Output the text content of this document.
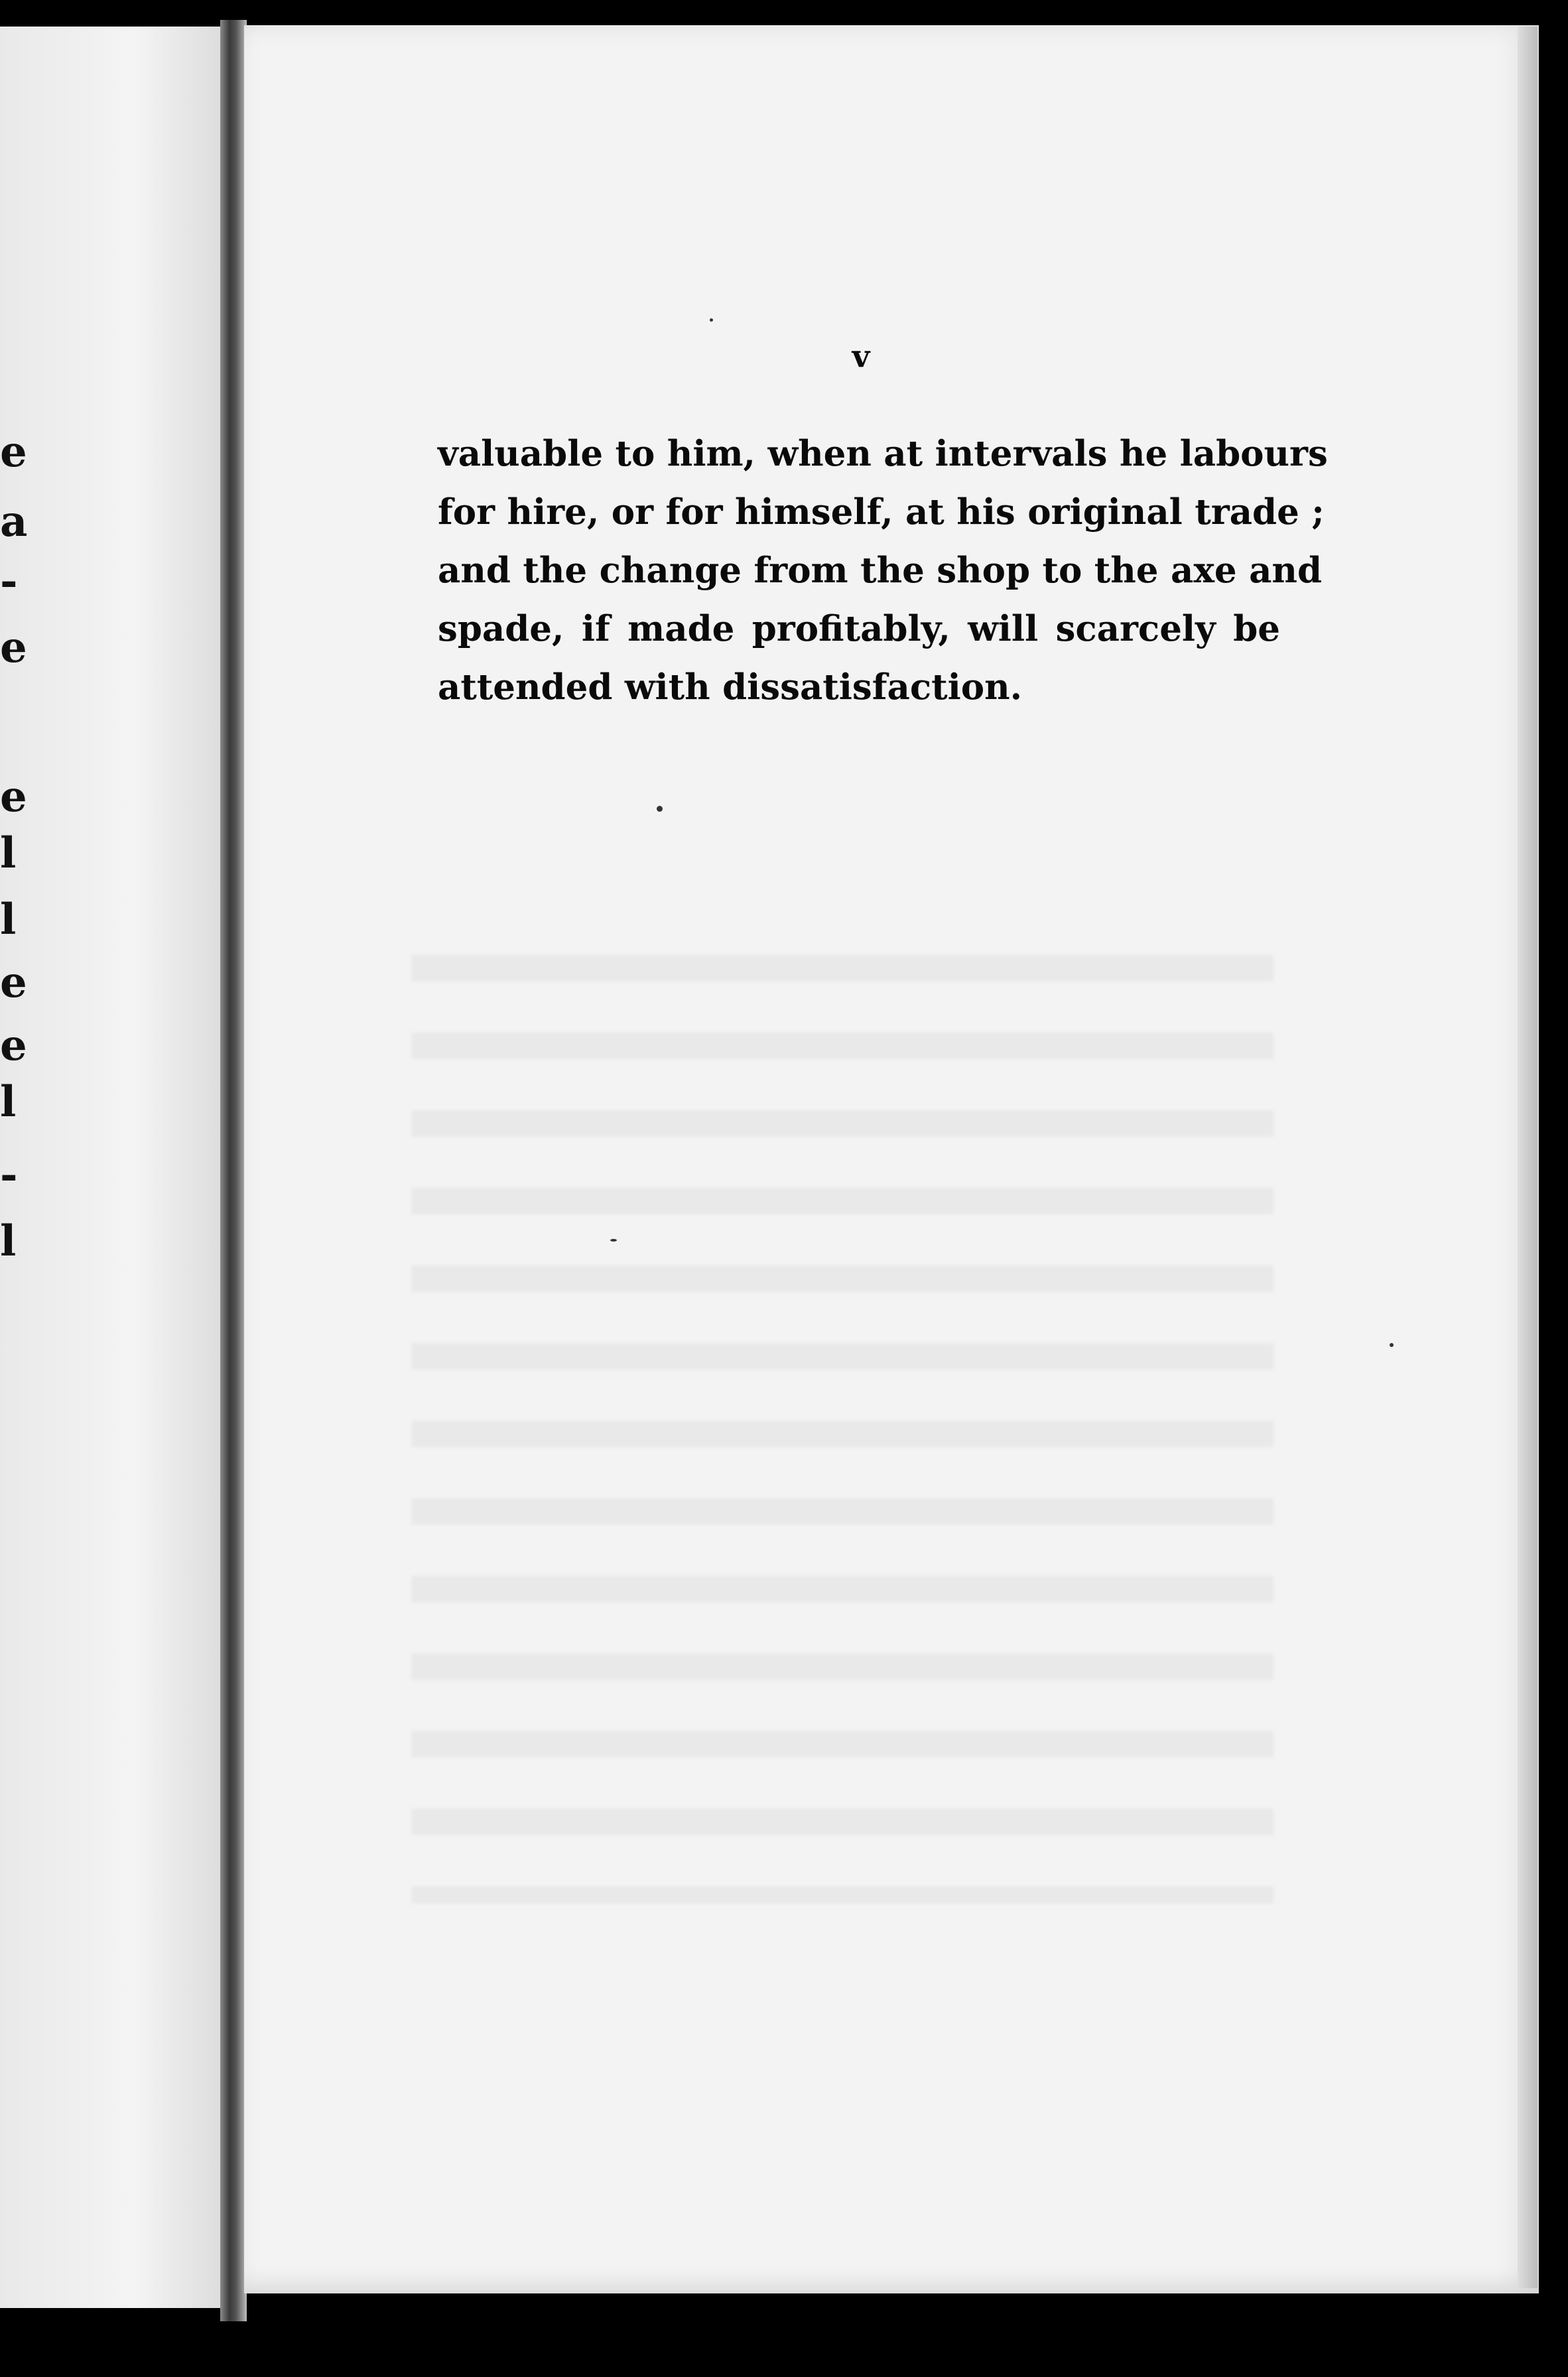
e
a
-
e
e
l
l
e
e
l
-
l

v

valuable to him, when at intervals he labours
for hire, or for himself, at his original trade ;
and the change from the shop to the axe and
spade, if made profitably, will scarcely be
attended with dissatisfaction.
